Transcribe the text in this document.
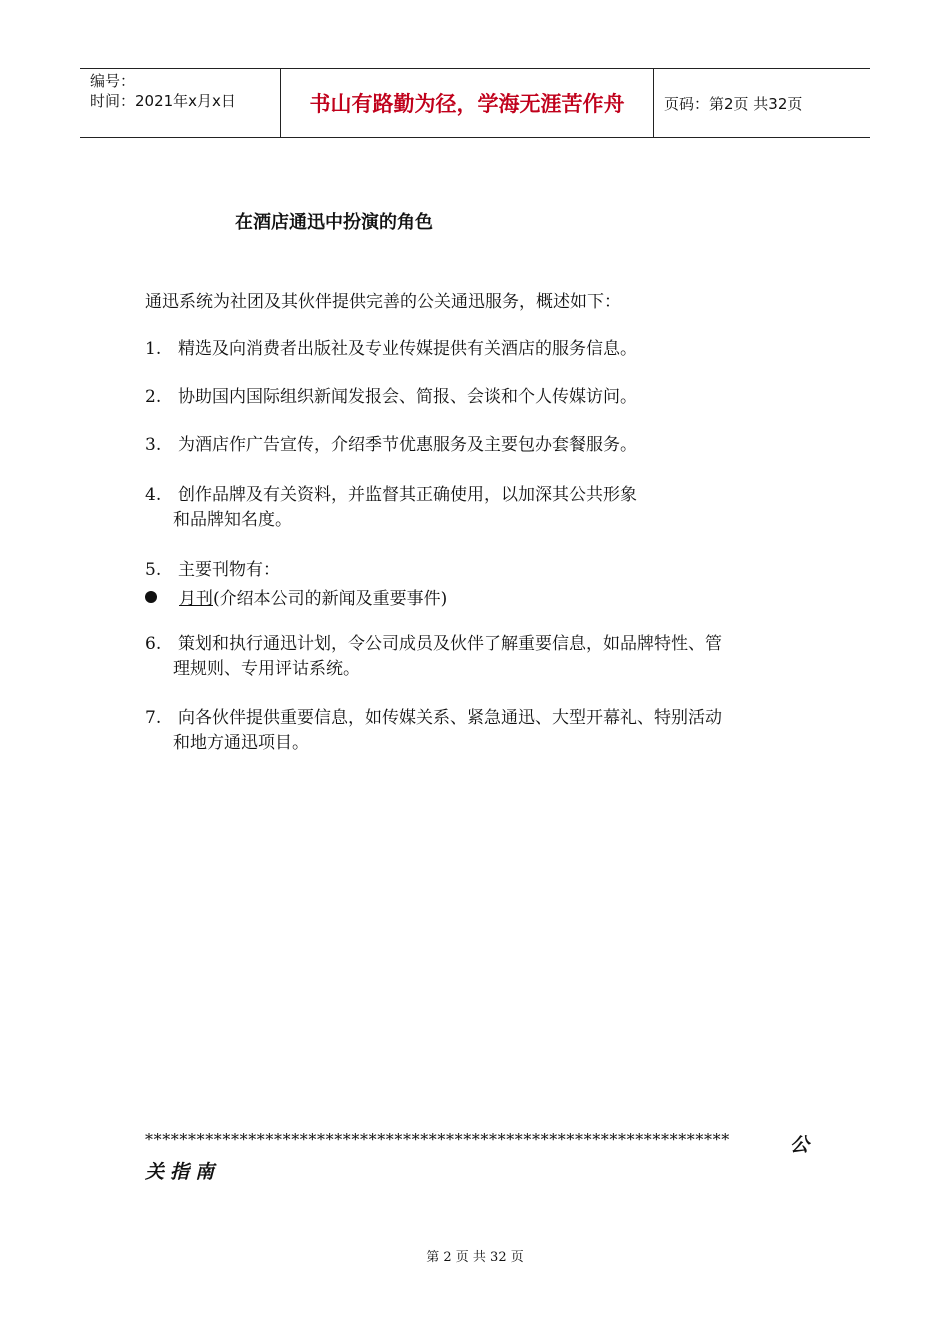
编号：
时间：2021年x月x日	书山有路勤为径，学海无涯苦作舟	页码：第2页 共32页
在酒店通迅中扮演的角色
通迅系统为社团及其伙伴提供完善的公关通迅服务，概述如下：
1. 精选及向消费者出版社及专业传媒提供有关酒店的服务信息。
2. 协助国内国际组织新闻发报会、简报、会谈和个人传媒访问。
3. 为酒店作广告宣传，介绍季节优惠服务及主要包办套餐服务。
4. 创作品牌及有关资料，并监督其正确使用，以加深其公共形象
和品牌知名度。
5. 主要刊物有：
月刊 (介绍本公司的新闻及重要事件)
6. 策划和执行通迅计划，令公司成员及伙伴了解重要信息，如品牌特性、管
理规则、专用评诂系统。
7. 向各伙伴提供重要信息，如传媒关系、紧急通迅、大型开幕礼、特别活动
和地方通迅项目。
********************************************************************	公
关指南
第 2 页 共 32 页
